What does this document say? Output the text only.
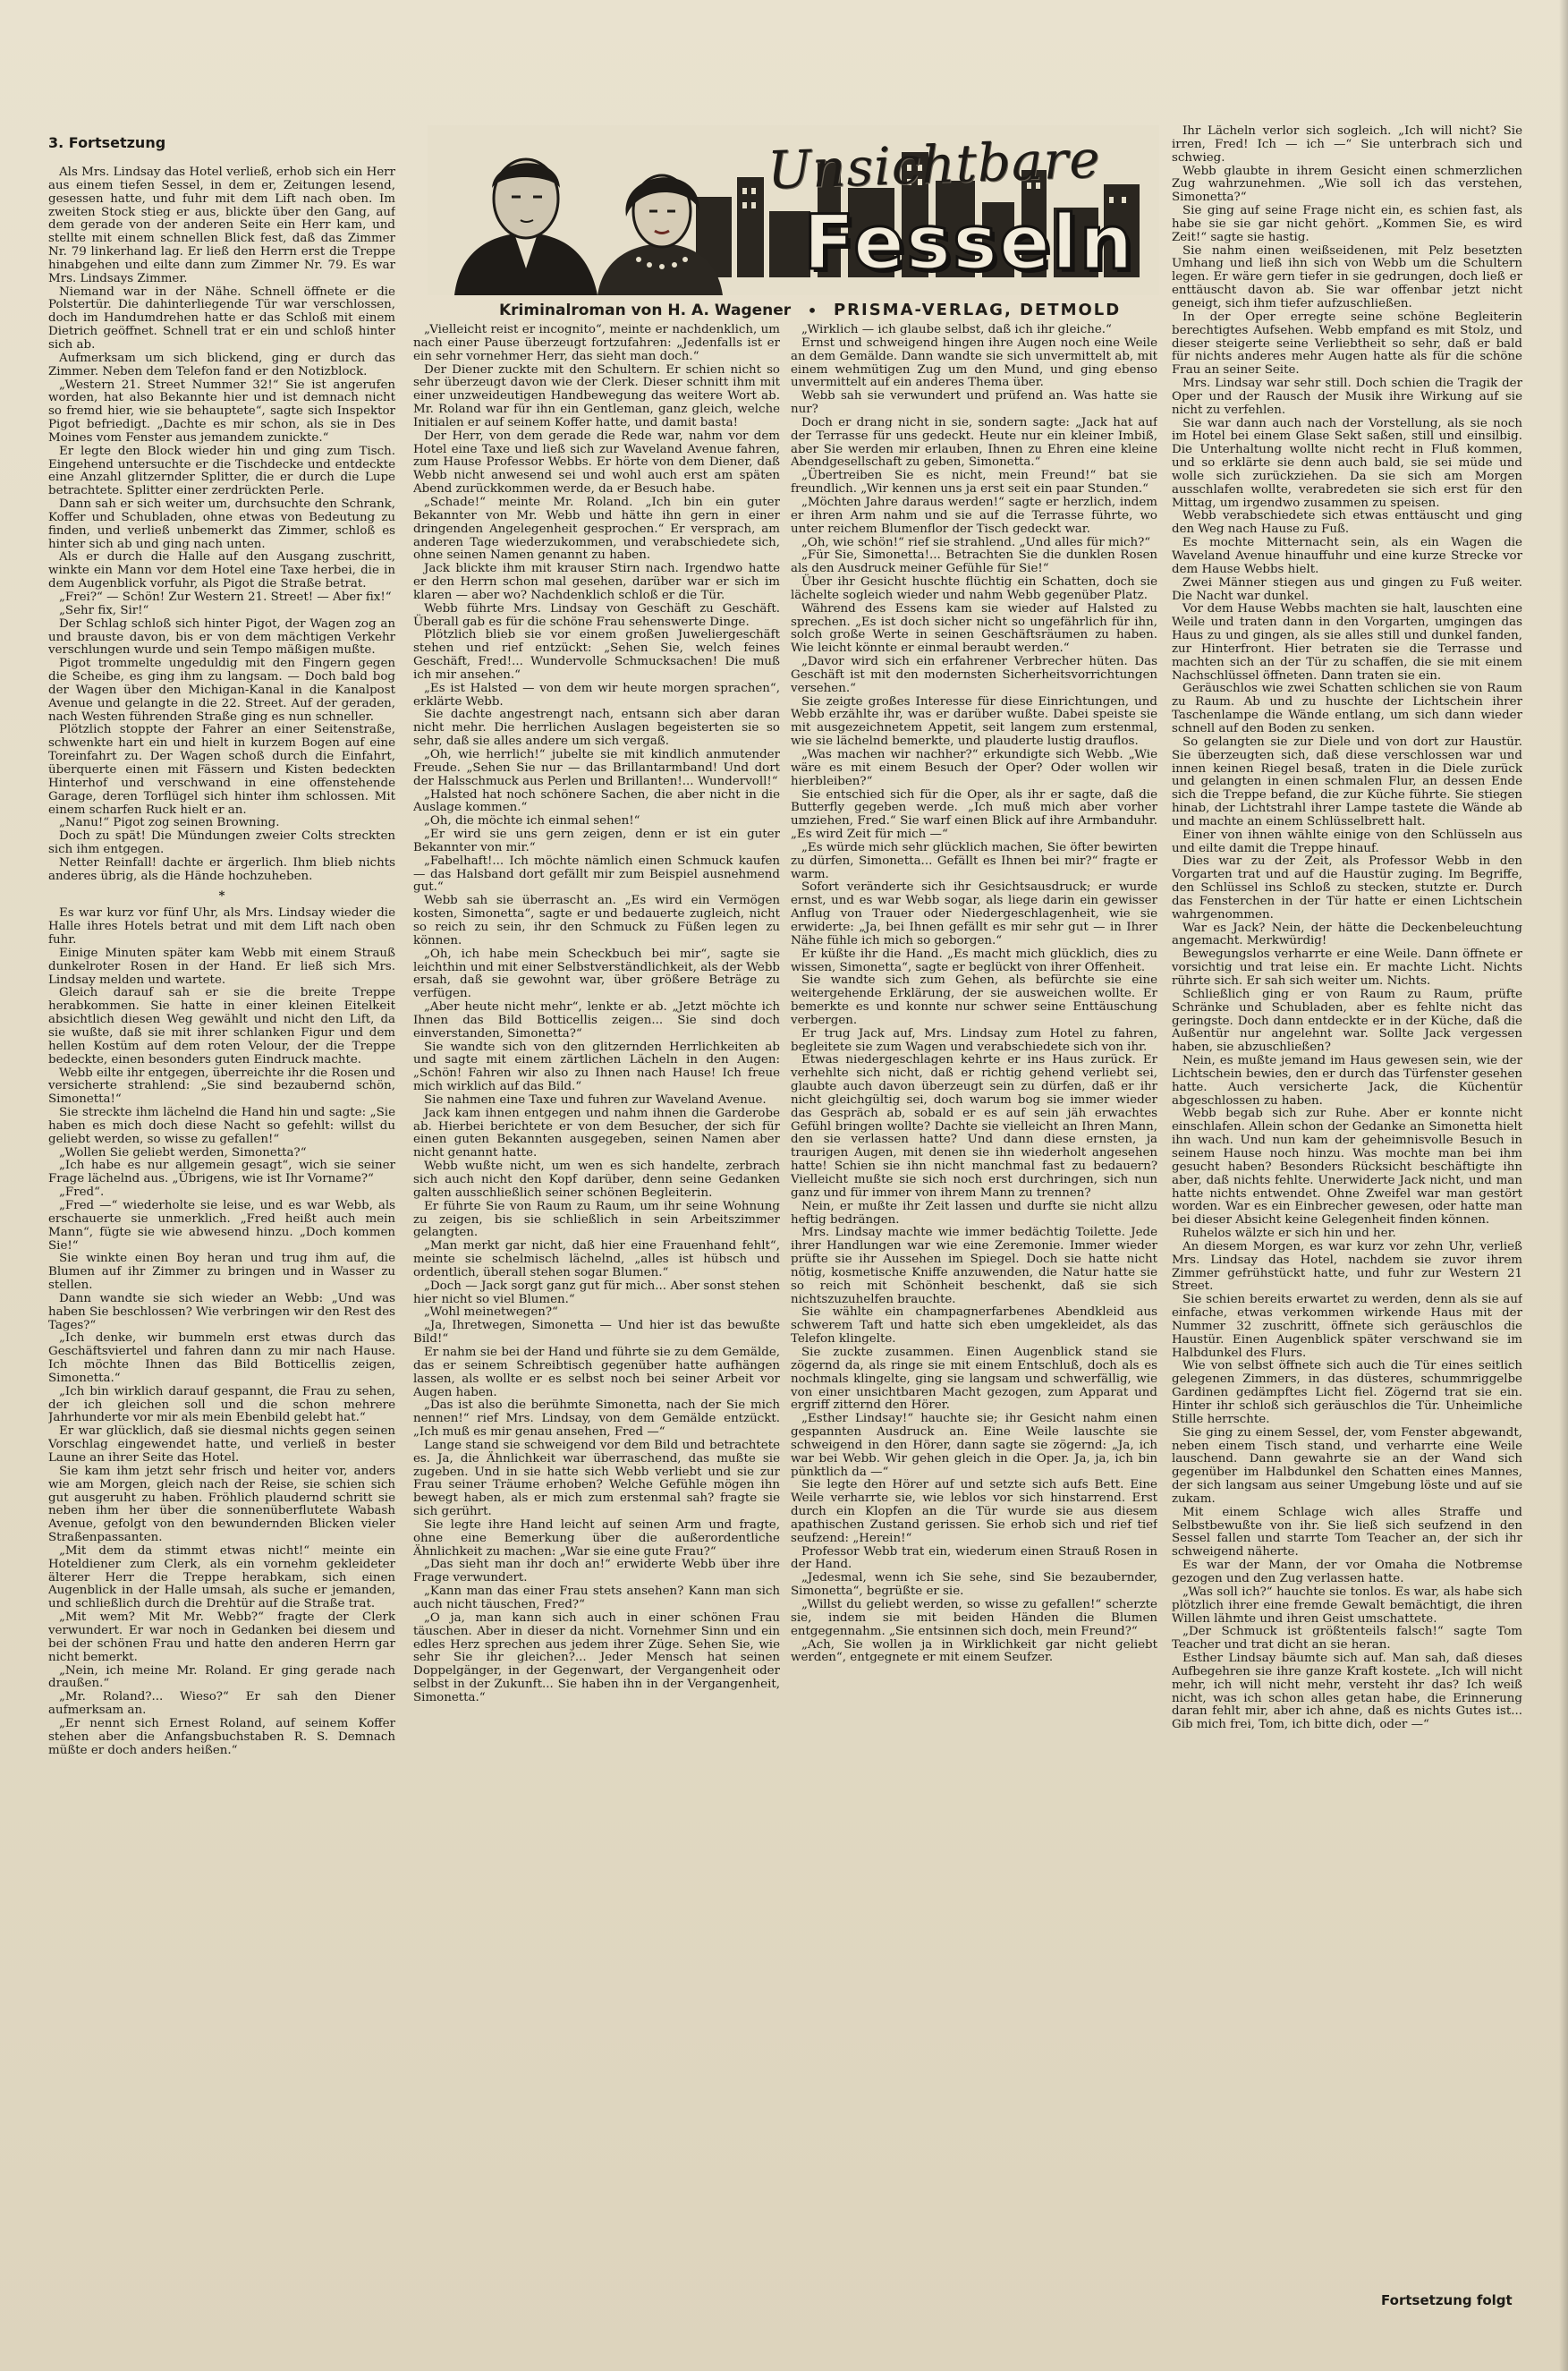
3. Fortsetzung	Unsichtbare
Fesseln
Kriminalroman von H. A. Wagener • PRISMA-VERLAG, DETMOLD

Als Mrs. Lindsay das Hotel verließ, erhob sich ein Herr aus einem tiefen Sessel, in dem er, Zeitungen lesend, gesessen hatte, und fuhr mit dem Lift nach oben. Im zweiten Stock stieg er aus, blickte über den Gang, auf dem gerade von der anderen Seite ein Herr kam, und stellte mit einem schnellen Blick fest, daß das Zimmer Nr. 79 linkerhand lag. Er ließ den Herrn erst die Treppe hinabgehen und eilte dann zum Zimmer Nr. 79. Es war Mrs. Lindsays Zimmer.

Niemand war in der Nähe. Schnell öffnete er die Polstertür. Die dahinterliegende Tür war verschlossen, doch im Handumdrehen hatte er das Schloß mit einem Dietrich geöffnet. Schnell trat er ein und schloß hinter sich ab.

Aufmerksam um sich blickend, ging er durch das Zimmer. Neben dem Telefon fand er den Notizblock.

„Western 21. Street Nummer 32!“ Sie ist angerufen worden, hat also Bekannte hier und ist demnach nicht so fremd hier, wie sie behauptete“, sagte sich Inspektor Pigot befriedigt. „Dachte es mir schon, als sie in Des Moines vom Fenster aus jemandem zunickte.“

Er legte den Block wieder hin und ging zum Tisch. Eingehend untersuchte er die Tischdecke und entdeckte eine Anzahl glitzernder Splitter, die er durch die Lupe betrachtete. Splitter einer zerdrückten Perle.

Dann sah er sich weiter um, durchsuchte den Schrank, Koffer und Schubladen, ohne etwas von Bedeutung zu finden, und verließ unbemerkt das Zimmer, schloß es hinter sich ab und ging nach unten.

Als er durch die Halle auf den Ausgang zuschritt, winkte ein Mann vor dem Hotel eine Taxe herbei, die in dem Augenblick vorfuhr, als Pigot die Straße betrat.

„Frei?“ — Schön! Zur Western 21. Street! — Aber fix!“

„Sehr fix, Sir!“

Der Schlag schloß sich hinter Pigot, der Wagen zog an und brauste davon, bis er von dem mächtigen Verkehr verschlungen wurde und sein Tempo mäßigen mußte.

Pigot trommelte ungeduldig mit den Fingern gegen die Scheibe, es ging ihm zu langsam. — Doch bald bog der Wagen über den Michigan-Kanal in die Kanalpost Avenue und gelangte in die 22. Street. Auf der geraden, nach Westen führenden Straße ging es nun schneller.

Plötzlich stoppte der Fahrer an einer Seitenstraße, schwenkte hart ein und hielt in kurzem Bogen auf eine Toreinfahrt zu. Der Wagen schoß durch die Einfahrt, überquerte einen mit Fässern und Kisten bedeckten Hinterhof und verschwand in eine offenstehende Garage, deren Torflügel sich hinter ihm schlossen. Mit einem scharfen Ruck hielt er an.

„Nanu!“ Pigot zog seinen Browning.

Doch zu spät! Die Mündungen zweier Colts streckten sich ihm entgegen.

Netter Reinfall! dachte er ärgerlich. Ihm blieb nichts anderes übrig, als die Hände hochzuheben.

*

Es war kurz vor fünf Uhr, als Mrs. Lindsay wieder die Halle ihres Hotels betrat und mit dem Lift nach oben fuhr.

Einige Minuten später kam Webb mit einem Strauß dunkelroter Rosen in der Hand. Er ließ sich Mrs. Lindsay melden und wartete.

Gleich darauf sah er sie die breite Treppe herabkommen. Sie hatte in einer kleinen Eitelkeit absichtlich diesen Weg gewählt und nicht den Lift, da sie wußte, daß sie mit ihrer schlanken Figur und dem hellen Kostüm auf dem roten Velour, der die Treppe bedeckte, einen besonders guten Eindruck machte.

Webb eilte ihr entgegen, überreichte ihr die Rosen und versicherte strahlend: „Sie sind bezaubernd schön, Simonetta!“

Sie streckte ihm lächelnd die Hand hin und sagte: „Sie haben es mich doch diese Nacht so gefehlt: willst du geliebt werden, so wisse zu gefallen!“

„Wollen Sie geliebt werden, Simonetta?“

„Ich habe es nur allgemein gesagt“, wich sie seiner Frage lächelnd aus. „Übrigens, wie ist Ihr Vorname?“

„Fred“.

„Fred —“ wiederholte sie leise, und es war Webb, als erschauerte sie unmerklich. „Fred heißt auch mein Mann“, fügte sie wie abwesend hinzu. „Doch kommen Sie!“

Sie winkte einen Boy heran und trug ihm auf, die Blumen auf ihr Zimmer zu bringen und in Wasser zu stellen.

Dann wandte sie sich wieder an Webb: „Und was haben Sie beschlossen? Wie verbringen wir den Rest des Tages?“

„Ich denke, wir bummeln erst etwas durch das Geschäftsviertel und fahren dann zu mir nach Hause. Ich möchte Ihnen das Bild Botticellis zeigen, Simonetta.“

„Ich bin wirklich darauf gespannt, die Frau zu sehen, der ich gleichen soll und die schon mehrere Jahrhunderte vor mir als mein Ebenbild gelebt hat.“

Er war glücklich, daß sie diesmal nichts gegen seinen Vorschlag eingewendet hatte, und verließ in bester Laune an ihrer Seite das Hotel.

Sie kam ihm jetzt sehr frisch und heiter vor, anders wie am Morgen, gleich nach der Reise, sie schien sich gut ausgeruht zu haben. Fröhlich plaudernd schritt sie neben ihm her über die sonnenüberflutete Wabash Avenue, gefolgt von den bewundernden Blicken vieler Straßenpassanten.

„Mit dem da stimmt etwas nicht!“ meinte ein Hoteldiener zum Clerk, als ein vornehm gekleideter älterer Herr die Treppe herabkam, sich einen Augenblick in der Halle umsah, als suche er jemanden, und schließlich durch die Drehtür auf die Straße trat.

„Mit wem? Mit Mr. Webb?“ fragte der Clerk verwundert. Er war noch in Gedanken bei diesem und bei der schönen Frau und hatte den anderen Herrn gar nicht bemerkt.

„Nein, ich meine Mr. Roland. Er ging gerade nach draußen.“

„Mr. Roland?... Wieso?“ Er sah den Diener aufmerksam an.

„Er nennt sich Ernest Roland, auf seinem Koffer stehen aber die Anfangsbuchstaben R. S. Demnach müßte er doch anders heißen.“

„Vielleicht reist er incognito“, meinte er nachdenklich, um nach einer Pause überzeugt fortzufahren: „Jedenfalls ist er ein sehr vornehmer Herr, das sieht man doch.“

Der Diener zuckte mit den Schultern. Er schien nicht so sehr überzeugt davon wie der Clerk. Dieser schnitt ihm mit einer unzweideutigen Handbewegung das weitere Wort ab. Mr. Roland war für ihn ein Gentleman, ganz gleich, welche Initialen er auf seinem Koffer hatte, und damit basta!

Der Herr, von dem gerade die Rede war, nahm vor dem Hotel eine Taxe und ließ sich zur Waveland Avenue fahren, zum Hause Professor Webbs. Er hörte von dem Diener, daß Webb nicht anwesend sei und wohl auch erst am späten Abend zurückkommen werde, da er Besuch habe.

„Schade!“ meinte Mr. Roland. „Ich bin ein guter Bekannter von Mr. Webb und hätte ihn gern in einer dringenden Angelegenheit gesprochen.“ Er versprach, am anderen Tage wiederzukommen, und verabschiedete sich, ohne seinen Namen genannt zu haben.

Jack blickte ihm mit krauser Stirn nach. Irgendwo hatte er den Herrn schon mal gesehen, darüber war er sich im klaren — aber wo? Nachdenklich schloß er die Tür.

Webb führte Mrs. Lindsay von Geschäft zu Geschäft. Überall gab es für die schöne Frau sehenswerte Dinge.

Plötzlich blieb sie vor einem großen Juweliergeschäft stehen und rief entzückt: „Sehen Sie, welch feines Geschäft, Fred!... Wundervolle Schmucksachen! Die muß ich mir ansehen.“

„Es ist Halsted — von dem wir heute morgen sprachen“, erklärte Webb.

Sie dachte angestrengt nach, entsann sich aber daran nicht mehr. Die herrlichen Auslagen begeisterten sie so sehr, daß sie alles andere um sich vergaß.

„Oh, wie herrlich!“ jubelte sie mit kindlich anmutender Freude. „Sehen Sie nur — das Brillantarmband! Und dort der Halsschmuck aus Perlen und Brillanten!... Wundervoll!“

„Halsted hat noch schönere Sachen, die aber nicht in die Auslage kommen.“

„Oh, die möchte ich einmal sehen!“

„Er wird sie uns gern zeigen, denn er ist ein guter Bekannter von mir.“

„Fabelhaft!... Ich möchte nämlich einen Schmuck kaufen — das Halsband dort gefällt mir zum Beispiel ausnehmend gut.“

Webb sah sie überrascht an. „Es wird ein Vermögen kosten, Simonetta“, sagte er und bedauerte zugleich, nicht so reich zu sein, ihr den Schmuck zu Füßen legen zu können.

„Oh, ich habe mein Scheckbuch bei mir“, sagte sie leichthin und mit einer Selbstverständlichkeit, als der Webb ersah, daß sie gewohnt war, über größere Beträge zu verfügen.

„Aber heute nicht mehr“, lenkte er ab. „Jetzt möchte ich Ihnen das Bild Botticellis zeigen... Sie sind doch einverstanden, Simonetta?“

Sie wandte sich von den glitzernden Herrlichkeiten ab und sagte mit einem zärtlichen Lächeln in den Augen: „Schön! Fahren wir also zu Ihnen nach Hause! Ich freue mich wirklich auf das Bild.“

Sie nahmen eine Taxe und fuhren zur Waveland Avenue.

Jack kam ihnen entgegen und nahm ihnen die Garderobe ab. Hierbei berichtete er von dem Besucher, der sich für einen guten Bekannten ausgegeben, seinen Namen aber nicht genannt hatte.

Webb wußte nicht, um wen es sich handelte, zerbrach sich auch nicht den Kopf darüber, denn seine Gedanken galten ausschließlich seiner schönen Begleiterin.

Er führte Sie von Raum zu Raum, um ihr seine Wohnung zu zeigen, bis sie schließlich in sein Arbeitszimmer gelangten.

„Man merkt gar nicht, daß hier eine Frauenhand fehlt“, meinte sie schelmisch lächelnd, „alles ist hübsch und ordentlich, überall stehen sogar Blumen.“

„Doch — Jack sorgt ganz gut für mich... Aber sonst stehen hier nicht so viel Blumen.“

„Wohl meinetwegen?“

„Ja, Ihretwegen, Simonetta — Und hier ist das bewußte Bild!“

Er nahm sie bei der Hand und führte sie zu dem Gemälde, das er seinem Schreibtisch gegenüber hatte aufhängen lassen, als wollte er es selbst noch bei seiner Arbeit vor Augen haben.

„Das ist also die berühmte Simonetta, nach der Sie mich nennen!“ rief Mrs. Lindsay, von dem Gemälde entzückt. „Ich muß es mir genau ansehen, Fred —“

Lange stand sie schweigend vor dem Bild und betrachtete es. Ja, die Ähnlichkeit war überraschend, das mußte sie zugeben. Und in sie hatte sich Webb verliebt und sie zur Frau seiner Träume erhoben? Welche Gefühle mögen ihn bewegt haben, als er mich zum erstenmal sah? fragte sie sich gerührt.

Sie legte ihre Hand leicht auf seinen Arm und fragte, ohne eine Bemerkung über die außerordentliche Ähnlichkeit zu machen: „War sie eine gute Frau?“

„Das sieht man ihr doch an!“ erwiderte Webb über ihre Frage verwundert.

„Kann man das einer Frau stets ansehen? Kann man sich auch nicht täuschen, Fred?“

„O ja, man kann sich auch in einer schönen Frau täuschen. Aber in dieser da nicht. Vornehmer Sinn und ein edles Herz sprechen aus jedem ihrer Züge. Sehen Sie, wie sehr Sie ihr gleichen?... Jeder Mensch hat seinen Doppelgänger, in der Gegenwart, der Vergangenheit oder selbst in der Zukunft... Sie haben ihn in der Vergangenheit, Simonetta.“

„Wirklich — ich glaube selbst, daß ich ihr gleiche.“

Ernst und schweigend hingen ihre Augen noch eine Weile an dem Gemälde. Dann wandte sie sich unvermittelt ab, mit einem wehmütigen Zug um den Mund, und ging ebenso unvermittelt auf ein anderes Thema über.

Webb sah sie verwundert und prüfend an. Was hatte sie nur?

Doch er drang nicht in sie, sondern sagte: „Jack hat auf der Terrasse für uns gedeckt. Heute nur ein kleiner Imbiß, aber Sie werden mir erlauben, Ihnen zu Ehren eine kleine Abendgesellschaft zu geben, Simonetta.“

„Übertreiben Sie es nicht, mein Freund!“ bat sie freundlich. „Wir kennen uns ja erst seit ein paar Stunden.“

„Möchten Jahre daraus werden!“ sagte er herzlich, indem er ihren Arm nahm und sie auf die Terrasse führte, wo unter reichem Blumenflor der Tisch gedeckt war.

„Oh, wie schön!“ rief sie strahlend. „Und alles für mich?“

„Für Sie, Simonetta!... Betrachten Sie die dunklen Rosen als den Ausdruck meiner Gefühle für Sie!“

Über ihr Gesicht huschte flüchtig ein Schatten, doch sie lächelte sogleich wieder und nahm Webb gegenüber Platz.

Während des Essens kam sie wieder auf Halsted zu sprechen. „Es ist doch sicher nicht so ungefährlich für ihn, solch große Werte in seinen Geschäftsräumen zu haben. Wie leicht könnte er einmal beraubt werden.“

„Davor wird sich ein erfahrener Verbrecher hüten. Das Geschäft ist mit den modernsten Sicherheitsvorrichtungen versehen.“

Sie zeigte großes Interesse für diese Einrichtungen, und Webb erzählte ihr, was er darüber wußte. Dabei speiste sie mit ausgezeichnetem Appetit, seit langem zum erstenmal, wie sie lächelnd bemerkte, und plauderte lustig drauflos.

„Was machen wir nachher?“ erkundigte sich Webb. „Wie wäre es mit einem Besuch der Oper? Oder wollen wir hierbleiben?“

Sie entschied sich für die Oper, als ihr er sagte, daß die Butterfly gegeben werde. „Ich muß mich aber vorher umziehen, Fred.“ Sie warf einen Blick auf ihre Armbanduhr. „Es wird Zeit für mich —“

„Es würde mich sehr glücklich machen, Sie öfter bewirten zu dürfen, Simonetta... Gefällt es Ihnen bei mir?“ fragte er warm.

Sofort veränderte sich ihr Gesichtsausdruck; er wurde ernst, und es war Webb sogar, als liege darin ein gewisser Anflug von Trauer oder Niedergeschlagenheit, wie sie erwiderte: „Ja, bei Ihnen gefällt es mir sehr gut — in Ihrer Nähe fühle ich mich so geborgen.“

Er küßte ihr die Hand. „Es macht mich glücklich, dies zu wissen, Simonetta“, sagte er beglückt von ihrer Offenheit.

Sie wandte sich zum Gehen, als befürchte sie eine weitergehende Erklärung, der sie ausweichen wollte. Er bemerkte es und konnte nur schwer seine Enttäuschung verbergen.

Er trug Jack auf, Mrs. Lindsay zum Hotel zu fahren, begleitete sie zum Wagen und verabschiedete sich von ihr.

Etwas niedergeschlagen kehrte er ins Haus zurück. Er verhehlte sich nicht, daß er richtig gehend verliebt sei, glaubte auch davon überzeugt sein zu dürfen, daß er ihr nicht gleichgültig sei, doch warum bog sie immer wieder das Gespräch ab, sobald er es auf sein jäh erwachtes Gefühl bringen wollte? Dachte sie vielleicht an Ihren Mann, den sie verlassen hatte? Und dann diese ernsten, ja traurigen Augen, mit denen sie ihn wiederholt angesehen hatte! Schien sie ihn nicht manchmal fast zu bedauern? Vielleicht mußte sie sich noch erst durchringen, sich nun ganz und für immer von ihrem Mann zu trennen?

Nein, er mußte ihr Zeit lassen und durfte sie nicht allzu heftig bedrängen.

Mrs. Lindsay machte wie immer bedächtig Toilette. Jede ihrer Handlungen war wie eine Zeremonie. Immer wieder prüfte sie ihr Aussehen im Spiegel. Doch sie hatte nicht nötig, kosmetische Kniffe anzuwenden, die Natur hatte sie so reich mit Schönheit beschenkt, daß sie sich nichtszuzuhelfen brauchte.

Sie wählte ein champagnerfarbenes Abendkleid aus schwerem Taft und hatte sich eben umgekleidet, als das Telefon klingelte.

Sie zuckte zusammen. Einen Augenblick stand sie zögernd da, als ringe sie mit einem Entschluß, doch als es nochmals klingelte, ging sie langsam und schwerfällig, wie von einer unsichtbaren Macht gezogen, zum Apparat und ergriff zitternd den Hörer.

„Esther Lindsay!“ hauchte sie; ihr Gesicht nahm einen gespannten Ausdruck an. Eine Weile lauschte sie schweigend in den Hörer, dann sagte sie zögernd: „Ja, ich war bei Webb. Wir gehen gleich in die Oper. Ja, ja, ich bin pünktlich da —“

Sie legte den Hörer auf und setzte sich aufs Bett. Eine Weile verharrte sie, wie leblos vor sich hinstarrend. Erst durch ein Klopfen an die Tür wurde sie aus diesem apathischen Zustand gerissen. Sie erhob sich und rief tief seufzend: „Herein!“

Professor Webb trat ein, wiederum einen Strauß Rosen in der Hand.

„Jedesmal, wenn ich Sie sehe, sind Sie bezaubernder, Simonetta“, begrüßte er sie.

„Willst du geliebt werden, so wisse zu gefallen!“ scherzte sie, indem sie mit beiden Händen die Blumen entgegennahm. „Sie entsinnen sich doch, mein Freund?“

„Ach, Sie wollen ja in Wirklichkeit gar nicht geliebt werden“, entgegnete er mit einem Seufzer.

Ihr Lächeln verlor sich sogleich. „Ich will nicht? Sie irren, Fred! Ich — ich —“ Sie unterbrach sich und schwieg.

Webb glaubte in ihrem Gesicht einen schmerzlichen Zug wahrzunehmen. „Wie soll ich das verstehen, Simonetta?“

Sie ging auf seine Frage nicht ein, es schien fast, als habe sie sie gar nicht gehört. „Kommen Sie, es wird Zeit!“ sagte sie hastig.

Sie nahm einen weißseidenen, mit Pelz besetzten Umhang und ließ ihn sich von Webb um die Schultern legen. Er wäre gern tiefer in sie gedrungen, doch ließ er enttäuscht davon ab. Sie war offenbar jetzt nicht geneigt, sich ihm tiefer aufzuschließen.

In der Oper erregte seine schöne Begleiterin berechtigtes Aufsehen. Webb empfand es mit Stolz, und dieser steigerte seine Verliebtheit so sehr, daß er bald für nichts anderes mehr Augen hatte als für die schöne Frau an seiner Seite.

Mrs. Lindsay war sehr still. Doch schien die Tragik der Oper und der Rausch der Musik ihre Wirkung auf sie nicht zu verfehlen.

Sie war dann auch nach der Vorstellung, als sie noch im Hotel bei einem Glase Sekt saßen, still und einsilbig. Die Unterhaltung wollte nicht recht in Fluß kommen, und so erklärte sie denn auch bald, sie sei müde und wolle sich zurückziehen. Da sie sich am Morgen ausschlafen wollte, verabredeten sie sich erst für den Mittag, um irgendwo zusammen zu speisen.

Webb verabschiedete sich etwas enttäuscht und ging den Weg nach Hause zu Fuß.

Es mochte Mitternacht sein, als ein Wagen die Waveland Avenue hinauffuhr und eine kurze Strecke vor dem Hause Webbs hielt.

Zwei Männer stiegen aus und gingen zu Fuß weiter. Die Nacht war dunkel.

Vor dem Hause Webbs machten sie halt, lauschten eine Weile und traten dann in den Vorgarten, umgingen das Haus zu und gingen, als sie alles still und dunkel fanden, zur Hinterfront. Hier betraten sie die Terrasse und machten sich an der Tür zu schaffen, die sie mit einem Nachschlüssel öffneten. Dann traten sie ein.

Geräuschlos wie zwei Schatten schlichen sie von Raum zu Raum. Ab und zu huschte der Lichtschein ihrer Taschenlampe die Wände entlang, um sich dann wieder schnell auf den Boden zu senken.

So gelangten sie zur Diele und von dort zur Haustür. Sie überzeugten sich, daß diese verschlossen war und innen keinen Riegel besaß, traten in die Diele zurück und gelangten in einen schmalen Flur, an dessen Ende sich die Treppe befand, die zur Küche führte. Sie stiegen hinab, der Lichtstrahl ihrer Lampe tastete die Wände ab und machte an einem Schlüsselbrett halt.

Einer von ihnen wählte einige von den Schlüsseln aus und eilte damit die Treppe hinauf.

Dies war zu der Zeit, als Professor Webb in den Vorgarten trat und auf die Haustür zuging. Im Begriffe, den Schlüssel ins Schloß zu stecken, stutzte er. Durch das Fensterchen in der Tür hatte er einen Lichtschein wahrgenommen.

War es Jack? Nein, der hätte die Deckenbeleuchtung angemacht. Merkwürdig!

Bewegungslos verharrte er eine Weile. Dann öffnete er vorsichtig und trat leise ein. Er machte Licht. Nichts rührte sich. Er sah sich weiter um. Nichts.

Schließlich ging er von Raum zu Raum, prüfte Schränke und Schubladen, aber es fehlte nicht das geringste. Doch dann entdeckte er in der Küche, daß die Außentür nur angelehnt war. Sollte Jack vergessen haben, sie abzuschließen?

Nein, es mußte jemand im Haus gewesen sein, wie der Lichtschein bewies, den er durch das Türfenster gesehen hatte. Auch versicherte Jack, die Küchentür abgeschlossen zu haben.

Webb begab sich zur Ruhe. Aber er konnte nicht einschlafen. Allein schon der Gedanke an Simonetta hielt ihn wach. Und nun kam der geheimnisvolle Besuch in seinem Hause noch hinzu. Was mochte man bei ihm gesucht haben? Besonders Rücksicht beschäftigte ihn aber, daß nichts fehlte. Unerwiderte Jack nicht, und man hatte nichts entwendet. Ohne Zweifel war man gestört worden. War es ein Einbrecher gewesen, oder hatte man bei dieser Absicht keine Gelegenheit finden können.

Ruhelos wälzte er sich hin und her.

An diesem Morgen, es war kurz vor zehn Uhr, verließ Mrs. Lindsay das Hotel, nachdem sie zuvor ihrem Zimmer gefrühstückt hatte, und fuhr zur Western 21 Street.

Sie schien bereits erwartet zu werden, denn als sie auf einfache, etwas verkommen wirkende Haus mit der Nummer 32 zuschritt, öffnete sich geräuschlos die Haustür. Einen Augenblick später verschwand sie im Halbdunkel des Flurs.

Wie von selbst öffnete sich auch die Tür eines seitlich gelegenen Zimmers, in das düsteres, schummriggelbe Gardinen gedämpftes Licht fiel. Zögernd trat sie ein. Hinter ihr schloß sich geräuschlos die Tür. Unheimliche Stille herrschte.

Sie ging zu einem Sessel, der, vom Fenster abgewandt, neben einem Tisch stand, und verharrte eine Weile lauschend. Dann gewahrte sie an der Wand sich gegenüber im Halbdunkel den Schatten eines Mannes, der sich langsam aus seiner Umgebung löste und auf sie zukam.

Mit einem Schlage wich alles Straffe und Selbstbewußte von ihr. Sie ließ sich seufzend in den Sessel fallen und starrte Tom Teacher an, der sich ihr schweigend näherte.

Es war der Mann, der vor Omaha die Notbremse gezogen und den Zug verlassen hatte.

„Was soll ich?“ hauchte sie tonlos. Es war, als habe sich plötzlich ihrer eine fremde Gewalt bemächtigt, die ihren Willen lähmte und ihren Geist umschattete.

„Der Schmuck ist größtenteils falsch!“ sagte Tom Teacher und trat dicht an sie heran.

Esther Lindsay bäumte sich auf. Man sah, daß dieses Aufbegehren sie ihre ganze Kraft kostete. „Ich will nicht mehr, ich will nicht mehr, versteht ihr das? Ich weiß nicht, was ich schon alles getan habe, die Erinnerung daran fehlt mir, aber ich ahne, daß es nichts Gutes ist... Gib mich frei, Tom, ich bitte dich, oder —“

Fortsetzung folgt
